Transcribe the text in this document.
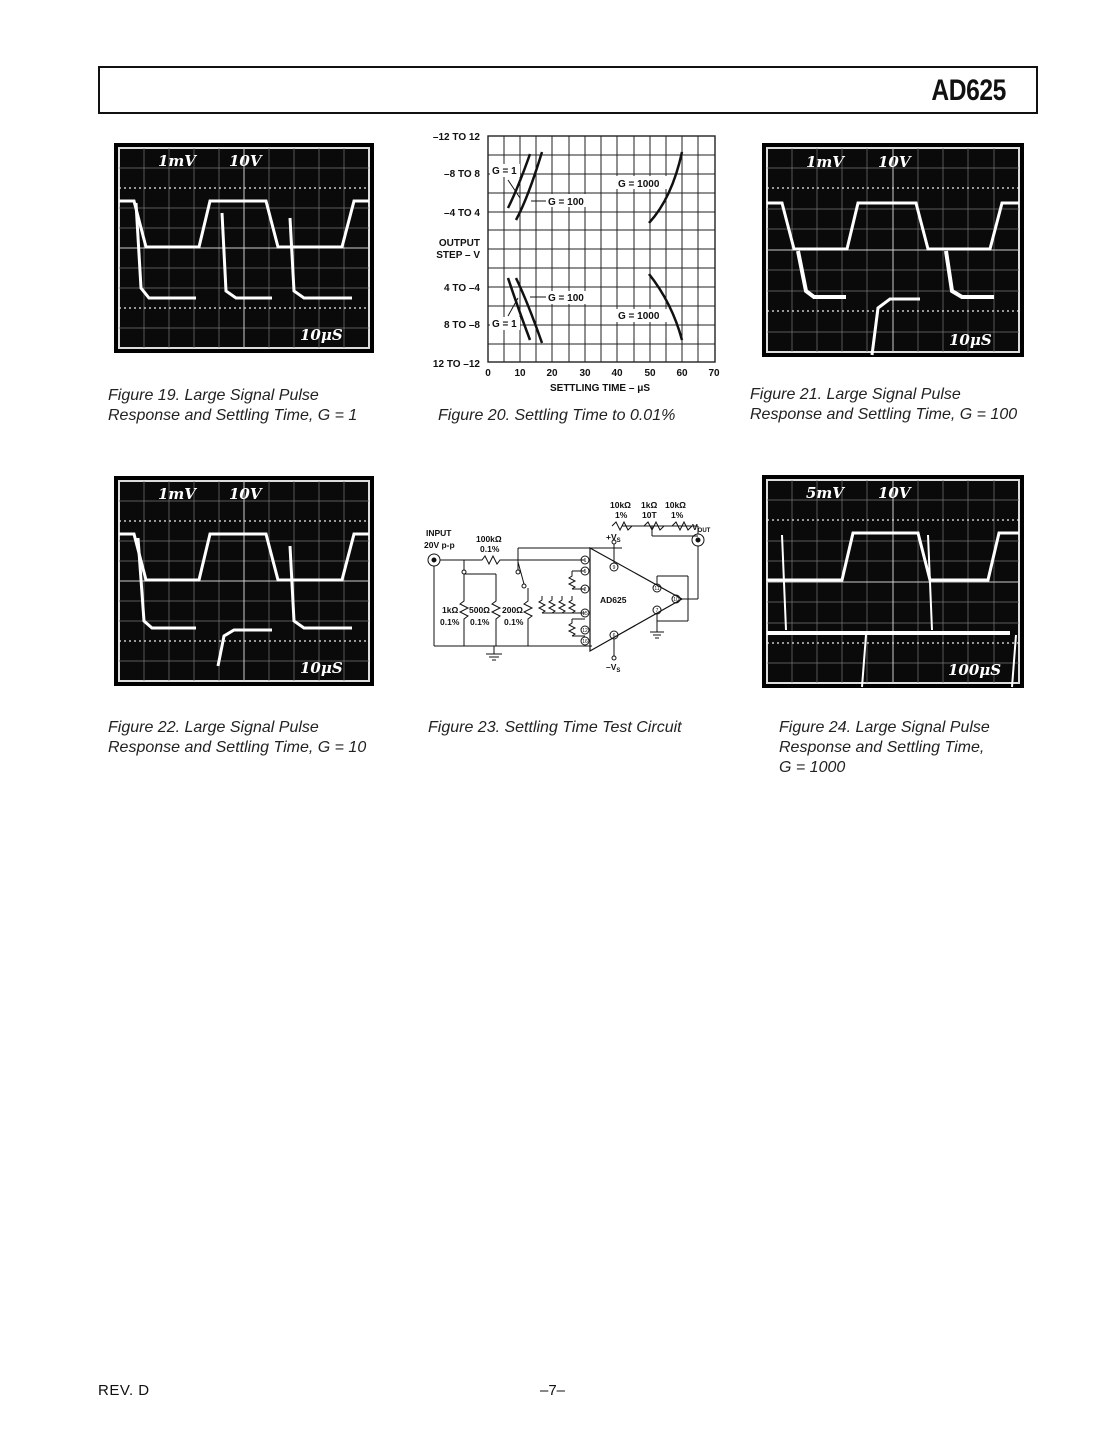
AD625
1mV 10V
10μS
Figure 19. Large Signal Pulse
Response and Settling Time, G = 1
G = 1
G = 100
G = 1000
G = 100
G = 1000
G = 1
–12 TO 12
–8 TO 8
–4 TO 4
4 TO –4
8 TO –8
12 TO –12
OUTPUT
STEP – V
0 10 20 30 40 50 60 70
SETTLING TIME – μS
Figure 20. Settling Time to 0.01%
1mV 10V
10μS
Figure 21. Large Signal Pulse
Response and Settling Time, G = 100
1mV 10V
10μS
Figure 22. Large Signal Pulse
Response and Settling Time, G = 10
INPUT
20V p-p
100kΩ
0.1%
1kΩ
0.1%
500Ω
0.1%
200Ω
0.1%
10kΩ
1%
1kΩ
10T
10kΩ
1%
$V_{OUT}$
$+V_S$
$-V_S$
AD625
1
5
2
15
12
16
9
11
10
7
6
Figure 23. Settling Time Test Circuit
5mV 10V
100μS
Figure 24. Large Signal Pulse
Response and Settling Time,
G = 1000
REV. D	–7–
